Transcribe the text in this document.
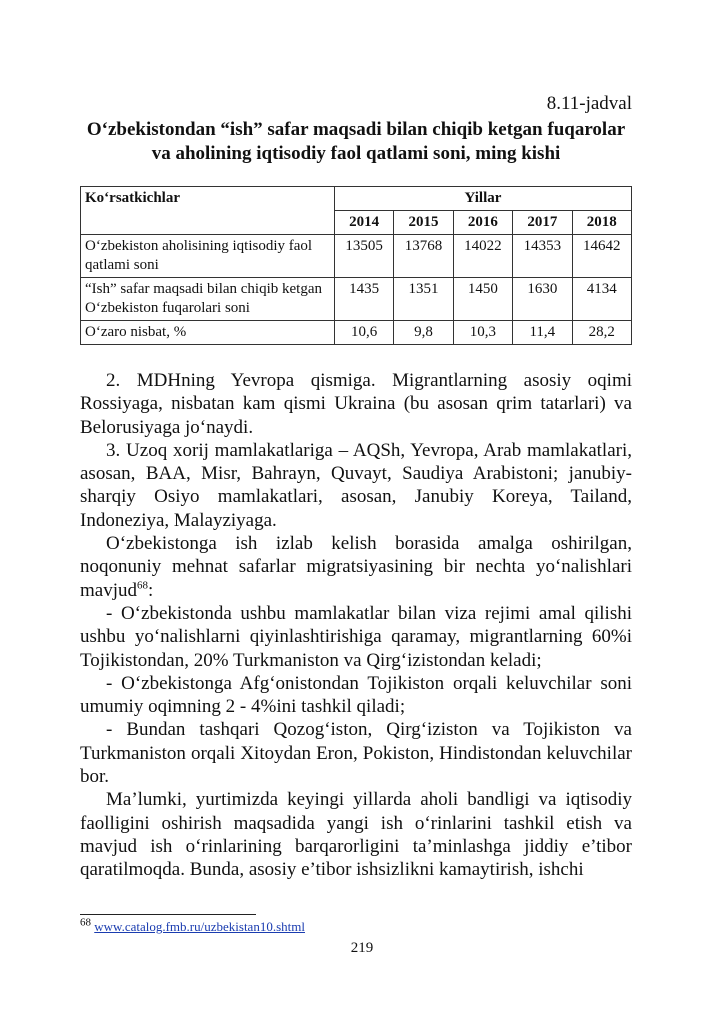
8.11-jadval
O‘zbekistondan “ish” safar maqsadi bilan chiqib ketgan fuqarolar va aholining iqtisodiy faol qatlami soni, ming kishi
Ko‘rsatkichlar	Yillar				
	2014	2015	2016	2017	2018
O‘zbekiston aholisining iqtisodiy faol qatlami soni	13505	13768	14022	14353	14642
“Ish” safar maqsadi bilan chiqib ketgan O‘zbekiston fuqarolari soni	1435	1351	1450	1630	4134
O‘zaro nisbat, %	10,6	9,8	10,3	11,4	28,2

2. MDHning Yevropa qismiga. Migrantlarning asosiy oqimi Rossiyaga, nisbatan kam qismi Ukraina (bu asosan qrim tatarlari) va Belorusiyaga jo‘naydi.

3. Uzoq xorij mamlakatlariga – AQSh, Yevropa, Arab mamlakatlari, asosan, BAA, Misr, Bahrayn, Quvayt, Saudiya Arabistoni; janubiy-sharqiy Osiyo mamlakatlari, asosan, Janubiy Koreya, Tailand, Indoneziya, Malayziyaga.

O‘zbekistonga ish izlab kelish borasida amalga oshirilgan, noqonuniy mehnat safarlar migratsiyasining bir nechta yo‘nalishlari mavjud$^{68}$:

- O‘zbekistonda ushbu mamlakatlar bilan viza rejimi amal qilishi ushbu yo‘nalishlarni qiyinlashtirishiga qaramay, migrantlarning 60%i Tojikistondan, 20% Turkmaniston va Qirg‘izistondan keladi;

- O‘zbekistonga Afg‘onistondan Tojikiston orqali keluvchilar soni umumiy oqimning 2 - 4%ini tashkil qiladi;

- Bundan tashqari Qozog‘iston, Qirg‘iziston va Tojikiston va Turkmaniston orqali Xitoydan Eron, Pokiston, Hindistondan keluvchilar bor.

Ma’lumki, yurtimizda keyingi yillarda aholi bandligi va iqtisodiy faolligini oshirish maqsadida yangi ish o‘rinlarini tashkil etish va mavjud ish o‘rinlarining barqarorligini ta’minlashga jiddiy e’tibor qaratilmoqda. Bunda, asosiy e’tibor ishsizlikni kamaytirish, ishchi

$^{68}$ www.catalog.fmb.ru/uzbekistan10.shtml
219
